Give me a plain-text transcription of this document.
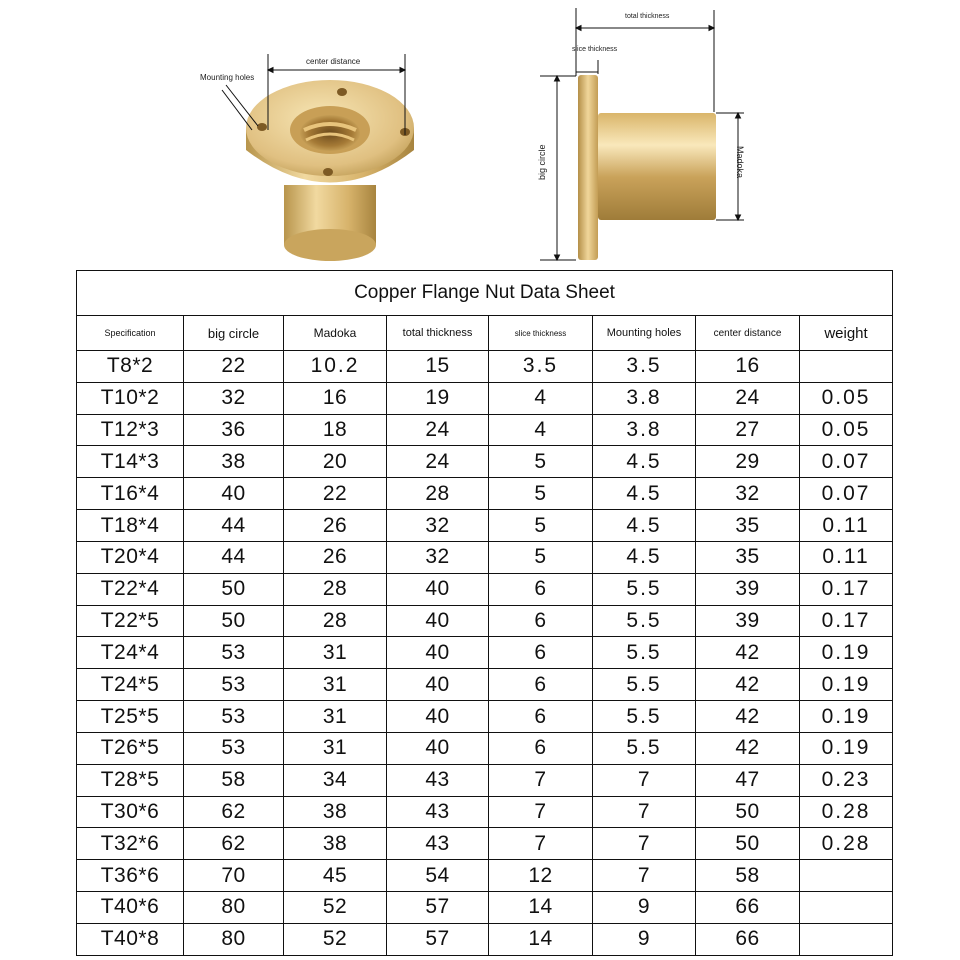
Mounting holes
center distance
total thickness
slice thickness
big circle	Madoka
Copper Flange Nut Data Sheet							
Specification	big circle	Madoka	total thickness	slice thickness	Mounting holes	center distance	weight
T8*2	22	10.2	15	3.5	3.5	16	
T10*2	32	16	19	4	3.8	24	0.05
T12*3	36	18	24	4	3.8	27	0.05
T14*3	38	20	24	5	4.5	29	0.07
T16*4	40	22	28	5	4.5	32	0.07
T18*4	44	26	32	5	4.5	35	0.11
T20*4	44	26	32	5	4.5	35	0.11
T22*4	50	28	40	6	5.5	39	0.17
T22*5	50	28	40	6	5.5	39	0.17
T24*4	53	31	40	6	5.5	42	0.19
T24*5	53	31	40	6	5.5	42	0.19
T25*5	53	31	40	6	5.5	42	0.19
T26*5	53	31	40	6	5.5	42	0.19
T28*5	58	34	43	7	7	47	0.23
T30*6	62	38	43	7	7	50	0.28
T32*6	62	38	43	7	7	50	0.28
T36*6	70	45	54	12	7	58	
T40*6	80	52	57	14	9	66	
T40*8	80	52	57	14	9	66	
